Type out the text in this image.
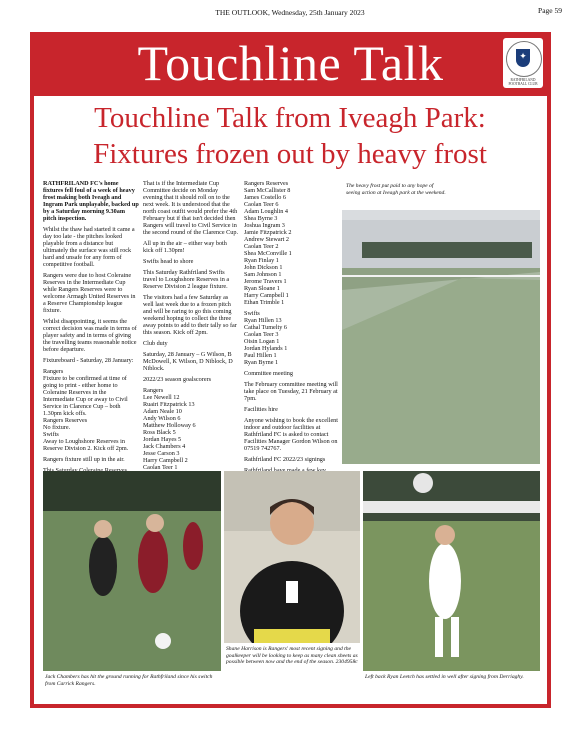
THE OUTLOOK, Wednesday, 25th January 2023	Page 59
Touchline Talk	✦
RATHFRILAND FOOTBALL CLUB
Touchline Talk from Iveagh Park:
Fixtures frozen out by heavy frost

RATHFRILAND FC's home fixtures fell foul of a week of heavy frost making both Iveagh and Ingram Park unplayable, backed up by a Saturday morning 9.30am pitch inspection.

Whilst the thaw had started it came a day too late - the pitches looked playable from a distance but ultimately the surface was still rock hard and unsafe for any form of competitive football.

Rangers were due to host Coleraine Reserves in the Intermediate Cup while Rangers Reserves were to welcome Armagh United Reserves in a Reserve Championship league fixture.

Whilst disappointing, it seems the correct decision was made in terms of player safety and in terms of giving the travelling teams reasonable notice before departure.

Fixtureboard - Saturday, 28 January:

Rangers
Fixture to be confirmed at time of going to print - either home to Coleraine Reserves in the Intermediate Cup or away to Civil Service in Clarence Cup – both 1.30pm kick offs.
Rangers Reserves
No fixture.
Swifts
Away to Loughshore Reserves in Reserve Division 2. Kick off 2pm.

Rangers fixture still up in the air.

That is if the Intermediate Cup Committee decide on Monday evening that it should roll on to the next week. It is understood that the north coast outfit would prefer the 4th February but if that isn't decided then Rangers will travel to Civil Service in the second round of the Clarence Cup.

All up in the air – either way both kick off 1.30pm!

Swifts head to shore

This Saturday Rathfriland Swifts travel to Loughshore Reserves in a Reserve Division 2 league fixture.

The visitors had a few Saturday as well last week due to a frozen pitch and will be raring to go this coming weekend hoping to collect the three away points to add to their tally so far this season. Kick off 2pm.

Club duty

Saturday, 28 January – G Wilson, B McDowell, K Wilson, D Niblock, D Niblock.

2022/23 season goalscorers

Rangers
Lee Newell 12
Ruairi Fitzpatrick 13
Adam Neale 10
Andy Wilson 6
Matthew Holloway 6
Ross Black 5
Jordan Hayes 5
Jack Chambers 4
Jesse Carson 3
Harry Campbell 2
Caolan Teer 1
Rangers Reserves
Sam McCallister 8
James Costello 6
Caolan Teer 6
Adam Loughlin 4
Shea Byrne 3
Joshua Ingram 3
Jamie Fitzpatrick 2
Andrew Stewart 2
Caolan Teer 2
Shea McConville 1
Ryan Finlay 1
John Dickson 1
Sam Johnson 1
Jerome Travers 1
Ryan Sloane 1
Harry Campbell 1
Ethan Trimble 1
Swifts
Ryan Hillen 13
Cathal Tumelty 6
Caolan Teer 3
Oisin Logan 1
Jordan Hylands 1
Paul Hillen 1
Ryan Byrne 1

Committee meeting

The February committee meeting will take place on Tuesday, 21 February at 7pm.

Facilities hire

Anyone wishing to book the excellent indoor and outdoor facilities at Rathfriland FC is asked to contact Facilities Manager Gordon Wilson on 07519 742767.

Rathfriland FC 2022/23 signings

The heavy frost put paid to any hope of seeing action at Iveagh park at the weekend.
Jack Chambers has hit the ground running for Rathfriland since his switch from Carrick Rangers.
Shane Harrison is Rangers' most recent signing and the goalkeeper will be looking to keep as many clean sheets as possible between now and the end of the season. 2304958c
Left back Ryan Leetch has settled in well after signing from Derriaghy.
